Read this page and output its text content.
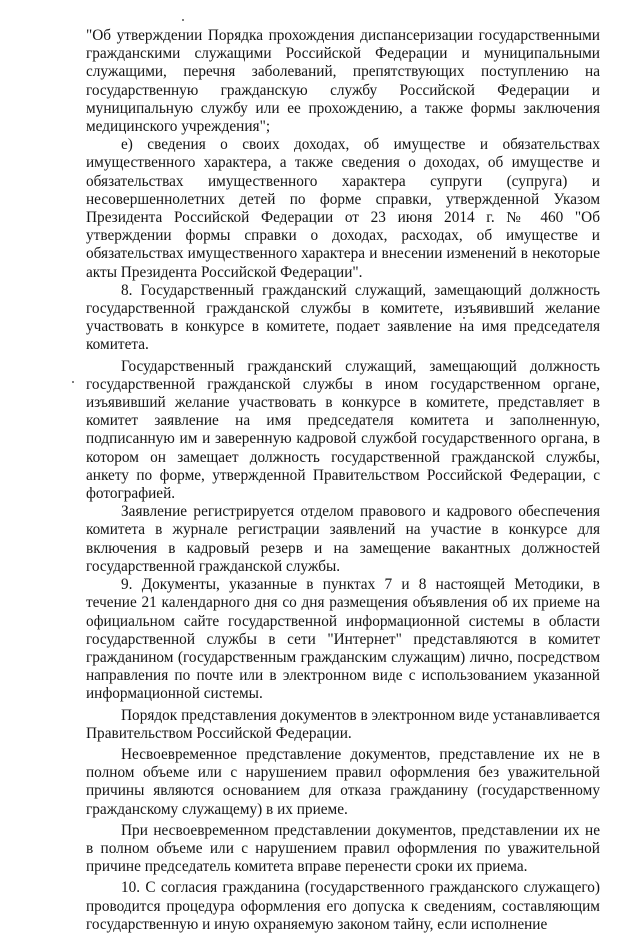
"Об утверждении Порядка прохождения диспансеризации государственными гражданскими служащими Российской Федерации и муниципальными служащими, перечня заболеваний, препятствующих поступлению на государственную гражданскую службу Российской Федерации и муниципальную службу или ее прохождению, а также формы заключения медицинского учреждения";

е) сведения о своих доходах, об имуществе и обязательствах имущественного характера, а также сведения о доходах, об имуществе и обязательствах имущественного характера супруги (супруга) и несовершеннолетних детей по форме справки, утвержденной Указом Президента Российской Федерации от 23 июня 2014 г. № 460 "Об утверждении формы справки о доходах, расходах, об имуществе и обязательствах имущественного характера и внесении изменений в некоторые акты Президента Российской Федерации".

8. Государственный гражданский служащий, замещающий должность государственной гражданской службы в комитете, изъявивший желание участвовать в конкурсе в комитете, подает заявление на имя председателя комитета.

Государственный гражданский служащий, замещающий должность государственной гражданской службы в ином государственном органе, изъявивший желание участвовать в конкурсе в комитете, представляет в комитет заявление на имя председателя комитета и заполненную, подписанную им и заверенную кадровой службой государственного органа, в котором он замещает должность государственной гражданской службы, анкету по форме, утвержденной Правительством Российской Федерации, с фотографией.

Заявление регистрируется отделом правового и кадрового обеспечения комитета в журнале регистрации заявлений на участие в конкурсе для включения в кадровый резерв и на замещение вакантных должностей государственной гражданской службы.

9. Документы, указанные в пунктах 7 и 8 настоящей Методики, в течение 21 календарного дня со дня размещения объявления об их приеме на официальном сайте государственной информационной системы в области государственной службы в сети "Интернет" представляются в комитет гражданином (государственным гражданским служащим) лично, посредством направления по почте или в электронном виде с использованием указанной информационной системы.

Порядок представления документов в электронном виде устанавливается Правительством Российской Федерации.

Несвоевременное представление документов, представление их не в полном объеме или с нарушением правил оформления без уважительной причины являются основанием для отказа гражданину (государственному гражданскому служащему) в их приеме.

При несвоевременном представлении документов, представлении их не в полном объеме или с нарушением правил оформления по уважительной причине председатель комитета вправе перенести сроки их приема.

10. С согласия гражданина (государственного гражданского служащего) проводится процедура оформления его допуска к сведениям, составляющим государственную и иную охраняемую законом тайну, если исполнение
